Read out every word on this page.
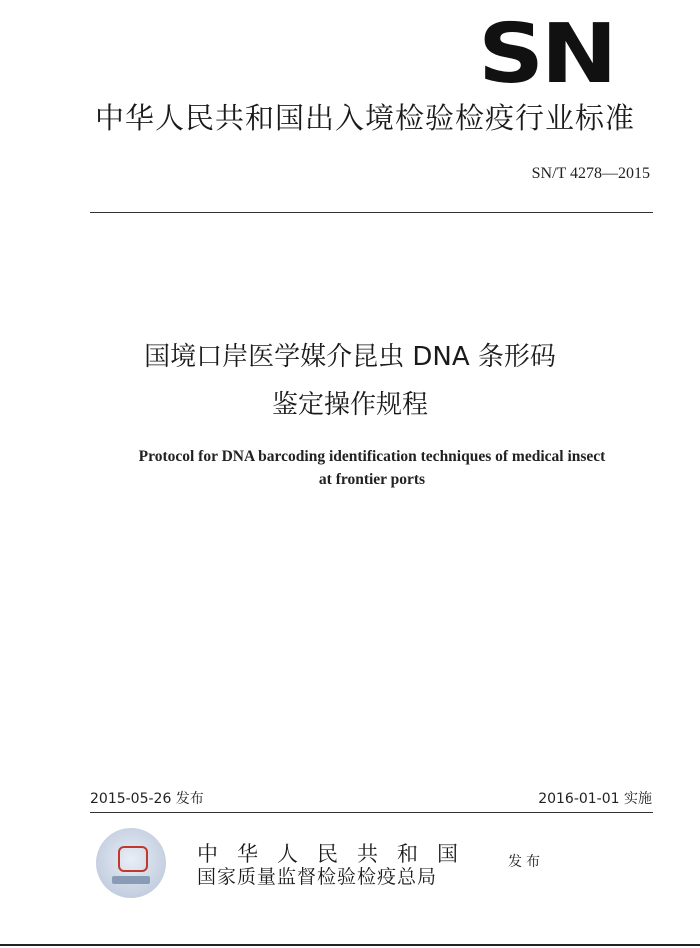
SN
中华人民共和国出入境检验检疫行业标准
SN/T 4278—2015
国境口岸医学媒介昆虫 DNA 条形码
鉴定操作规程
Protocol for DNA barcoding identification techniques of medical insect
at frontier ports
2015-05-26 发布	2016-01-01 实施
中华人民共和国
国家质量监督检验检疫总局
发布
